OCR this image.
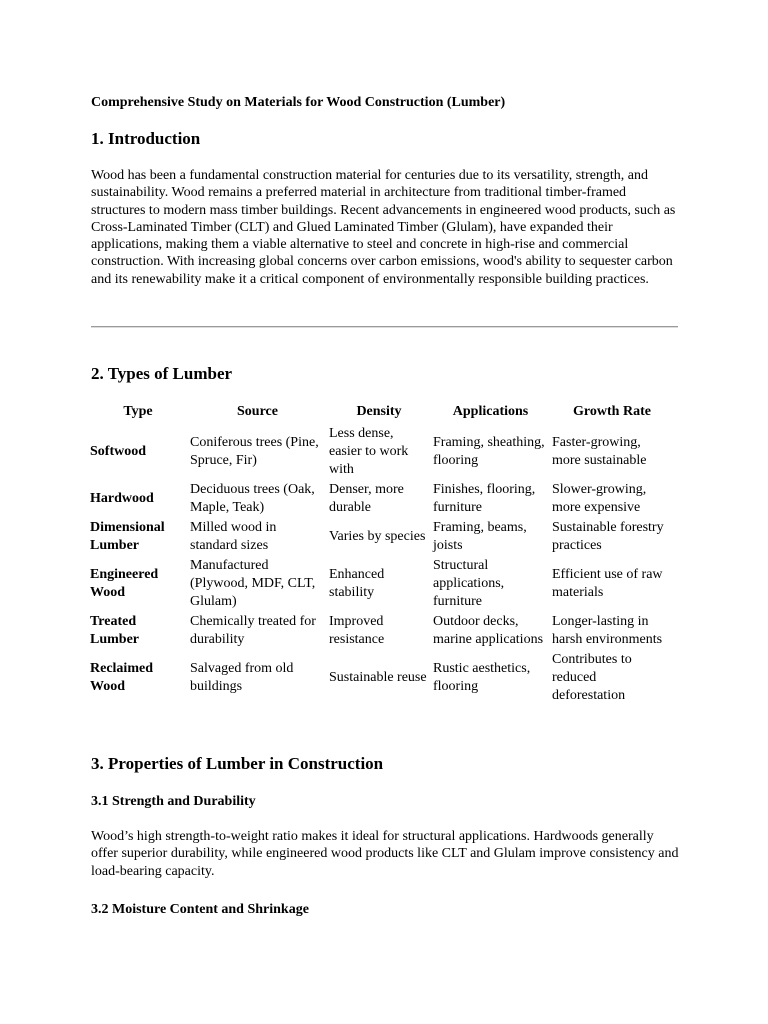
Comprehensive Study on Materials for Wood Construction (Lumber)
1. Introduction

Wood has been a fundamental construction material for centuries due to its versatility, strength, and sustainability. Wood remains a preferred material in architecture from traditional timber-framed structures to modern mass timber buildings. Recent advancements in engineered wood products, such as Cross-Laminated Timber (CLT) and Glued Laminated Timber (Glulam), have expanded their applications, making them a viable alternative to steel and concrete in high-rise and commercial construction. With increasing global concerns over carbon emissions, wood's ability to sequester carbon and its renewability make it a critical component of environmentally responsible building practices.

2. Types of Lumber
Type	Source	Density	Applications	Growth Rate
Softwood	Coniferous trees (Pine, Spruce, Fir)	Less dense, easier to work with	Framing, sheathing, flooring	Faster-growing, more sustainable
Hardwood	Deciduous trees (Oak, Maple, Teak)	Denser, more durable	Finishes, flooring, furniture	Slower-growing, more expensive
Dimensional Lumber	Milled wood in standard sizes	Varies by species	Framing, beams, joists	Sustainable forestry practices
Engineered Wood	Manufactured (Plywood, MDF, CLT, Glulam)	Enhanced stability	Structural applications, furniture	Efficient use of raw materials
Treated Lumber	Chemically treated for durability	Improved resistance	Outdoor decks, marine applications	Longer-lasting in harsh environments
Reclaimed Wood	Salvaged from old buildings	Sustainable reuse	Rustic aesthetics, flooring	Contributes to reduced deforestation
3. Properties of Lumber in Construction
3.1 Strength and Durability

Wood’s high strength-to-weight ratio makes it ideal for structural applications. Hardwoods generally offer superior durability, while engineered wood products like CLT and Glulam improve consistency and load-bearing capacity.

3.2 Moisture Content and Shrinkage
